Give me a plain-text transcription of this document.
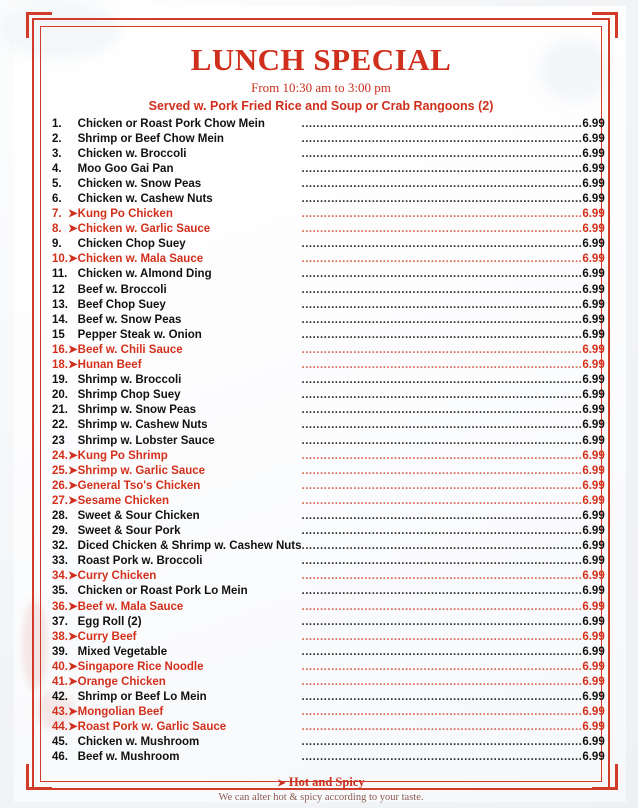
LUNCH SPECIAL
From 10:30 am to 3:00 pm
Served w. Pork Fried Rice and Soup or Crab Rangoons (2)
1.		Chicken or Roast Pork Chow Mein	............................................................................	6.99
2.		Shrimp or Beef Chow Mein	............................................................................	6.99
3.		Chicken w. Broccoli	............................................................................	6.99
4.		Moo Goo Gai Pan	............................................................................	6.99
5.		Chicken w. Snow Peas	............................................................................	6.99
6.		Chicken w. Cashew Nuts	............................................................................	6.99
7.	➤	Kung Po Chicken	............................................................................	6.99
8.	➤	Chicken w. Garlic Sauce	............................................................................	6.99
9.		Chicken Chop Suey	............................................................................	6.99
10.	➤	Chicken w. Mala Sauce	............................................................................	6.99
11.		Chicken w. Almond Ding	............................................................................	6.99
12		Beef w. Broccoli	............................................................................	6.99
13.		Beef Chop Suey	............................................................................	6.99
14.		Beef w. Snow Peas	............................................................................	6.99
15		Pepper Steak w. Onion	............................................................................	6.99
16.	➤	Beef w. Chili Sauce	............................................................................	6.99
18.	➤	Hunan Beef	............................................................................	6.99
19.		Shrimp w. Broccoli	............................................................................	6.99
20.		Shrimp Chop Suey	............................................................................	6.99
21.		Shrimp w. Snow Peas	............................................................................	6.99
22.		Shrimp w. Cashew Nuts	............................................................................	6.99
23		Shrimp w. Lobster Sauce	............................................................................	6.99
24.	➤	Kung Po Shrimp	............................................................................	6.99
25.	➤	Shrimp w. Garlic Sauce	............................................................................	6.99
26.	➤	General Tso's Chicken	............................................................................	6.99
27.	➤	Sesame Chicken	............................................................................	6.99
28.		Sweet & Sour Chicken	............................................................................	6.99
29.		Sweet & Sour Pork	............................................................................	6.99
32.		Diced Chicken & Shrimp w. Cashew Nuts	............................................................................	6.99
33.		Roast Pork w. Broccoli	............................................................................	6.99
34.	➤	Curry Chicken	............................................................................	6.99
35.		Chicken or Roast Pork Lo Mein	............................................................................	6.99
36.	➤	Beef w. Mala Sauce	............................................................................	6.99
37.		Egg Roll (2)	............................................................................	6.99
38.	➤	Curry Beef	............................................................................	6.99
39.		Mixed Vegetable	............................................................................	6.99
40.	➤	Singapore Rice Noodle	............................................................................	6.99
41.	➤	Orange Chicken	............................................................................	6.99
42.		Shrimp or Beef Lo Mein	............................................................................	6.99
43.	➤	Mongolian Beef	............................................................................	6.99
44.	➤	Roast Pork w. Garlic Sauce	............................................................................	6.99
45.		Chicken w. Mushroom	............................................................................	6.99
46.		Beef w. Mushroom	............................................................................	6.99
➤ Hot and Spicy
We can alter hot & spicy according to your taste.
